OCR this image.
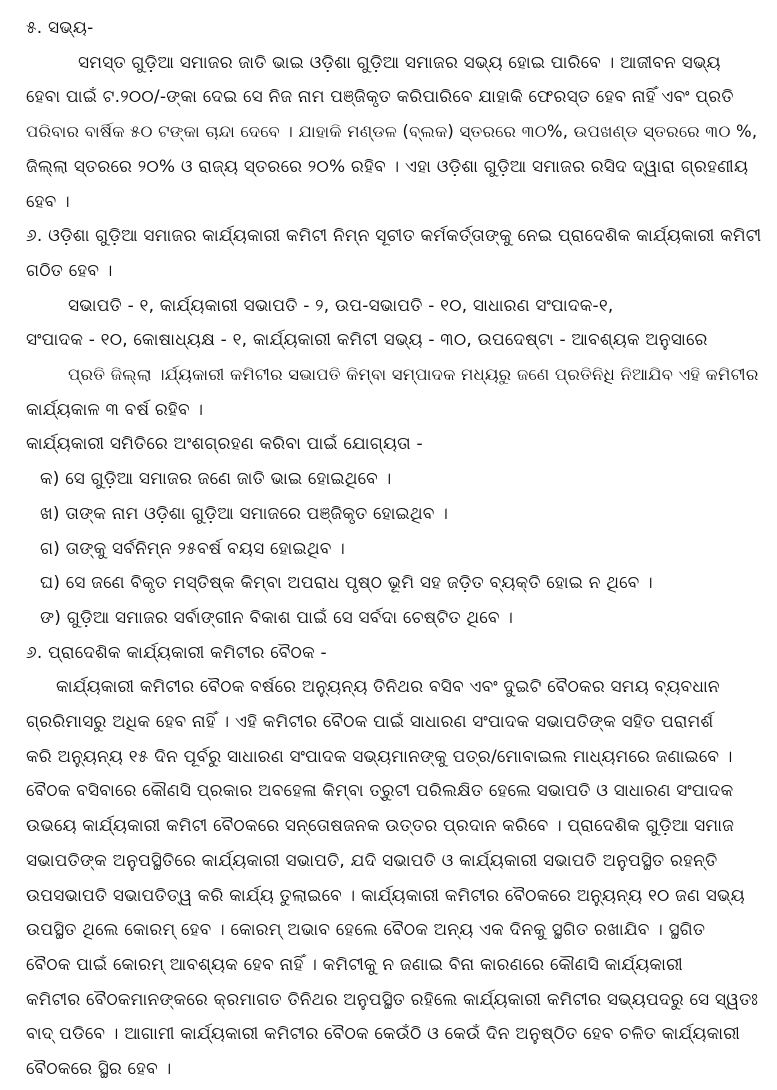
୫. ସଭ୍ୟ-
ସମସ୍ତ ଗୁଡ଼ିଆ ସମାଜର ଜାତି ଭାଇ ଓଡ଼ିଶା ଗୁଡ଼ିଆ ସମାଜର ସଭ୍ୟ ହୋଇ ପାରିବେ । ଆଜୀବନ ସଭ୍ୟ
ହେବା ପାଇଁ ଟ.୨୦୦/-ଙ୍କା ଦେଇ ସେ ନିଜ ନାମ ପଞ୍ଜିକୃତ କରିପାରିବେ ଯାହାକି ଫେରସ୍ତ ହେବ ନାହିଁ ଏବଂ ପ୍ରତି
ପରିବାର ବାର୍ଷିକ ୫୦ ଟଙ୍କା ଚାନ୍ଦା ଦେବେ । ଯାହାକି ମଣ୍ଡଳ (ବ୍ଲକ) ସ୍ତରରେ ୩୦%, ଉପଖଣ୍ଡ ସ୍ତରରେ ୩୦ %,
ଜିଲ୍ଲା ସ୍ତରରେ ୨୦% ଓ ରାଜ୍ୟ ସ୍ତରରେ ୨୦% ରହିବ । ଏହା ଓଡ଼ିଶା ଗୁଡ଼ିଆ ସମାଜର ରସିଦ ଦ୍ୱାରା ଗ୍ରହଣୀୟ
ହେବ ।
୬. ଓଡ଼ିଶା ଗୁଡ଼ିଆ ସମାଜର କାର୍ଯ୍ୟକାରୀ କମିଟୀ ନିମ୍ନ ସୂଚୀତ କର୍ମକର୍ତ୍ତାଙ୍କୁ ନେଇ ପ୍ରାଦେଶିକ କାର୍ଯ୍ୟକାରୀ କମିଟୀ
ଗଠିତ ହେବ ।
ସଭାପତି - ୧, କାର୍ଯ୍ୟକାରୀ ସଭାପତି - ୨, ଉପ-ସଭାପତି - ୧୦, ସାଧାରଣ ସଂପାଦକ-୧,
ସଂପାଦକ - ୧୦, କୋଷାଧ୍ୟକ୍ଷ - ୧, କାର୍ଯ୍ୟକାରୀ କମିଟୀ ସଭ୍ୟ - ୩୦, ଉପଦେଷ୍ଟା - ଆବଶ୍ୟକ ଅନୁସାରେ
ପ୍ରତି ଜିଲ୍ଲା ।ର୍ଯ୍ୟକାରୀ କମିଟୀର ସଭାପତି କିମ୍ବା ସମ୍ପାଦକ ମଧ୍ୟରୁ ଜଣେ ପ୍ରତିନିଧି ନିଆଯିବ ଏହି କମିଟୀର
କାର୍ଯ୍ୟକାଳ ୩ ବର୍ଷ ରହିବ ।
କାର୍ଯ୍ୟକାରୀ ସମିତିରେ ଅଂଶଗ୍ରହଣ କରିବା ପାଇଁ ଯୋଗ୍ୟତା -
କ) ସେ ଗୁଡ଼ିଆ ସମାଜର ଜଣେ ଜାତି ଭାଇ ହୋଇଥିବେ ।
ଖ) ତାଙ୍କ ନାମ ଓଡ଼ିଶା ଗୁଡ଼ିଆ ସମାଜରେ ପଞ୍ଜିକୃତ ହୋଇଥିବ ।
ଗ) ତାଙ୍କୁ ସର୍ବନିମ୍ନ ୨୫ବର୍ଷ ବୟସ ହୋଇଥିବ ।
ଘ) ସେ ଜଣେ ବିକୃତ ମସ୍ତିଷ୍କ କିମ୍ବା ଅପରାଧ ପୃଷ୍ଠ ଭୂମି ସହ ଜଡ଼ିତ ବ୍ୟକ୍ତି ହୋଇ ନ ଥିବେ ।
ଙ) ଗୁଡ଼ିଆ ସମାଜର ସର୍ବାଙ୍ଗୀନ ବିକାଶ ପାଇଁ ସେ ସର୍ବଦା ଚେଷ୍ଟିତ ଥିବେ ।
୬. ପ୍ରାଦେଶିକ କାର୍ଯ୍ୟକାରୀ କମିଟୀର ବୈଠକ -
କାର୍ଯ୍ୟକାରୀ କମିଟୀର ବୈଠକ ବର୍ଷରେ ଅନ୍ୟୁନ୍ୟ ତିନିଥର ବସିବ ଏବଂ ଦୁଇଟି ବୈଠକର ସମୟ ବ୍ୟବଧାନ
ଗ୍ରରିମାସରୁ ଅଧିକ ହେବ ନାହିଁ । ଏହି କମିଟୀର ବୈଠକ ପାଇଁ ସାଧାରଣ ସଂପାଦକ ସଭାପତିଙ୍କ ସହିତ ପରାମର୍ଶ
କରି ଅନ୍ୟୁନ୍ୟ ୧୫ ଦିନ ପୂର୍ବରୁ ସାଧାରଣ ସଂପାଦକ ସଭ୍ୟମାନଙ୍କୁ ପତ୍ର/ମୋବାଇଲ ମାଧ୍ୟମରେ ଜଣାଇବେ ।
ବୈଠକ ବସିବାରେ କୌଣସି ପ୍ରକାର ଅବହେଳା କିମ୍ବା ତ୍ରୁଟୀ ପରିଲକ୍ଷିତ ହେଲେ ସଭାପତି ଓ ସାଧାରଣ ସଂପାଦକ
ଉଭୟେ କାର୍ଯ୍ୟକାରୀ କମିଟୀ ବୈଠକରେ ସନ୍ତୋଷଜନକ ଉତ୍ତର ପ୍ରଦାନ କରିବେ । ପ୍ରାଦେଶିକ ଗୁଡ଼ିଆ ସମାଜ
ସଭାପତିଙ୍କ ଅନୁପସ୍ଥିତିରେ କାର୍ଯ୍ୟକାରୀ ସଭାପତି, ଯଦି ସଭାପତି ଓ କାର୍ଯ୍ୟକାରୀ ସଭାପତି ଅନୁପସ୍ଥିତ ରହନ୍ତି
ଉପସଭାପତି ସଭାପତିତ୍ୱ କରି କାର୍ଯ୍ୟ ତୁଲାଇବେ । କାର୍ଯ୍ୟକାରୀ କମିଟୀର ବୈଠକରେ ଅନ୍ୟୁନ୍ୟ ୧୦ ଜଣ ସଭ୍ୟ
ଉପସ୍ଥିତ ଥିଲେ କୋରମ୍ ହେବ । କୋରମ୍ ଅଭାବ ହେଲେ ବୈଠକ ଅନ୍ୟ ଏକ ଦିନକୁ ସ୍ଥଗିତ ରଖାଯିବ । ସ୍ଥଗିତ
ବୈଠକ ପାଇଁ କୋରମ୍ ଆବଶ୍ୟକ ହେବ ନାହିଁ । କମିଟୀକୁ ନ ଜଣାଇ ବିନା କାରଣରେ କୌଣସି କାର୍ଯ୍ୟକାରୀ
କମିଟୀର ବୈଠକମାନଙ୍କରେ କ୍ରମାଗତ ତିନିଥର ଅନୁପସ୍ଥିତ ରହିଲେ କାର୍ଯ୍ୟକାରୀ କମିଟୀର ସଭ୍ୟପଦରୁ ସେ ସ୍ୱତଃ
ବାଦ୍ ପଡିବେ । ଆଗାମୀ କାର୍ଯ୍ୟକାରୀ କମିଟୀର ବୈଠକ କେଉଁଠି ଓ କେଉଁ ଦିନ ଅନୁଷ୍ଠିତ ହେବ ଚଳିତ କାର୍ଯ୍ୟକାରୀ
ବୈଠକରେ ସ୍ଥିର ହେବ ।
